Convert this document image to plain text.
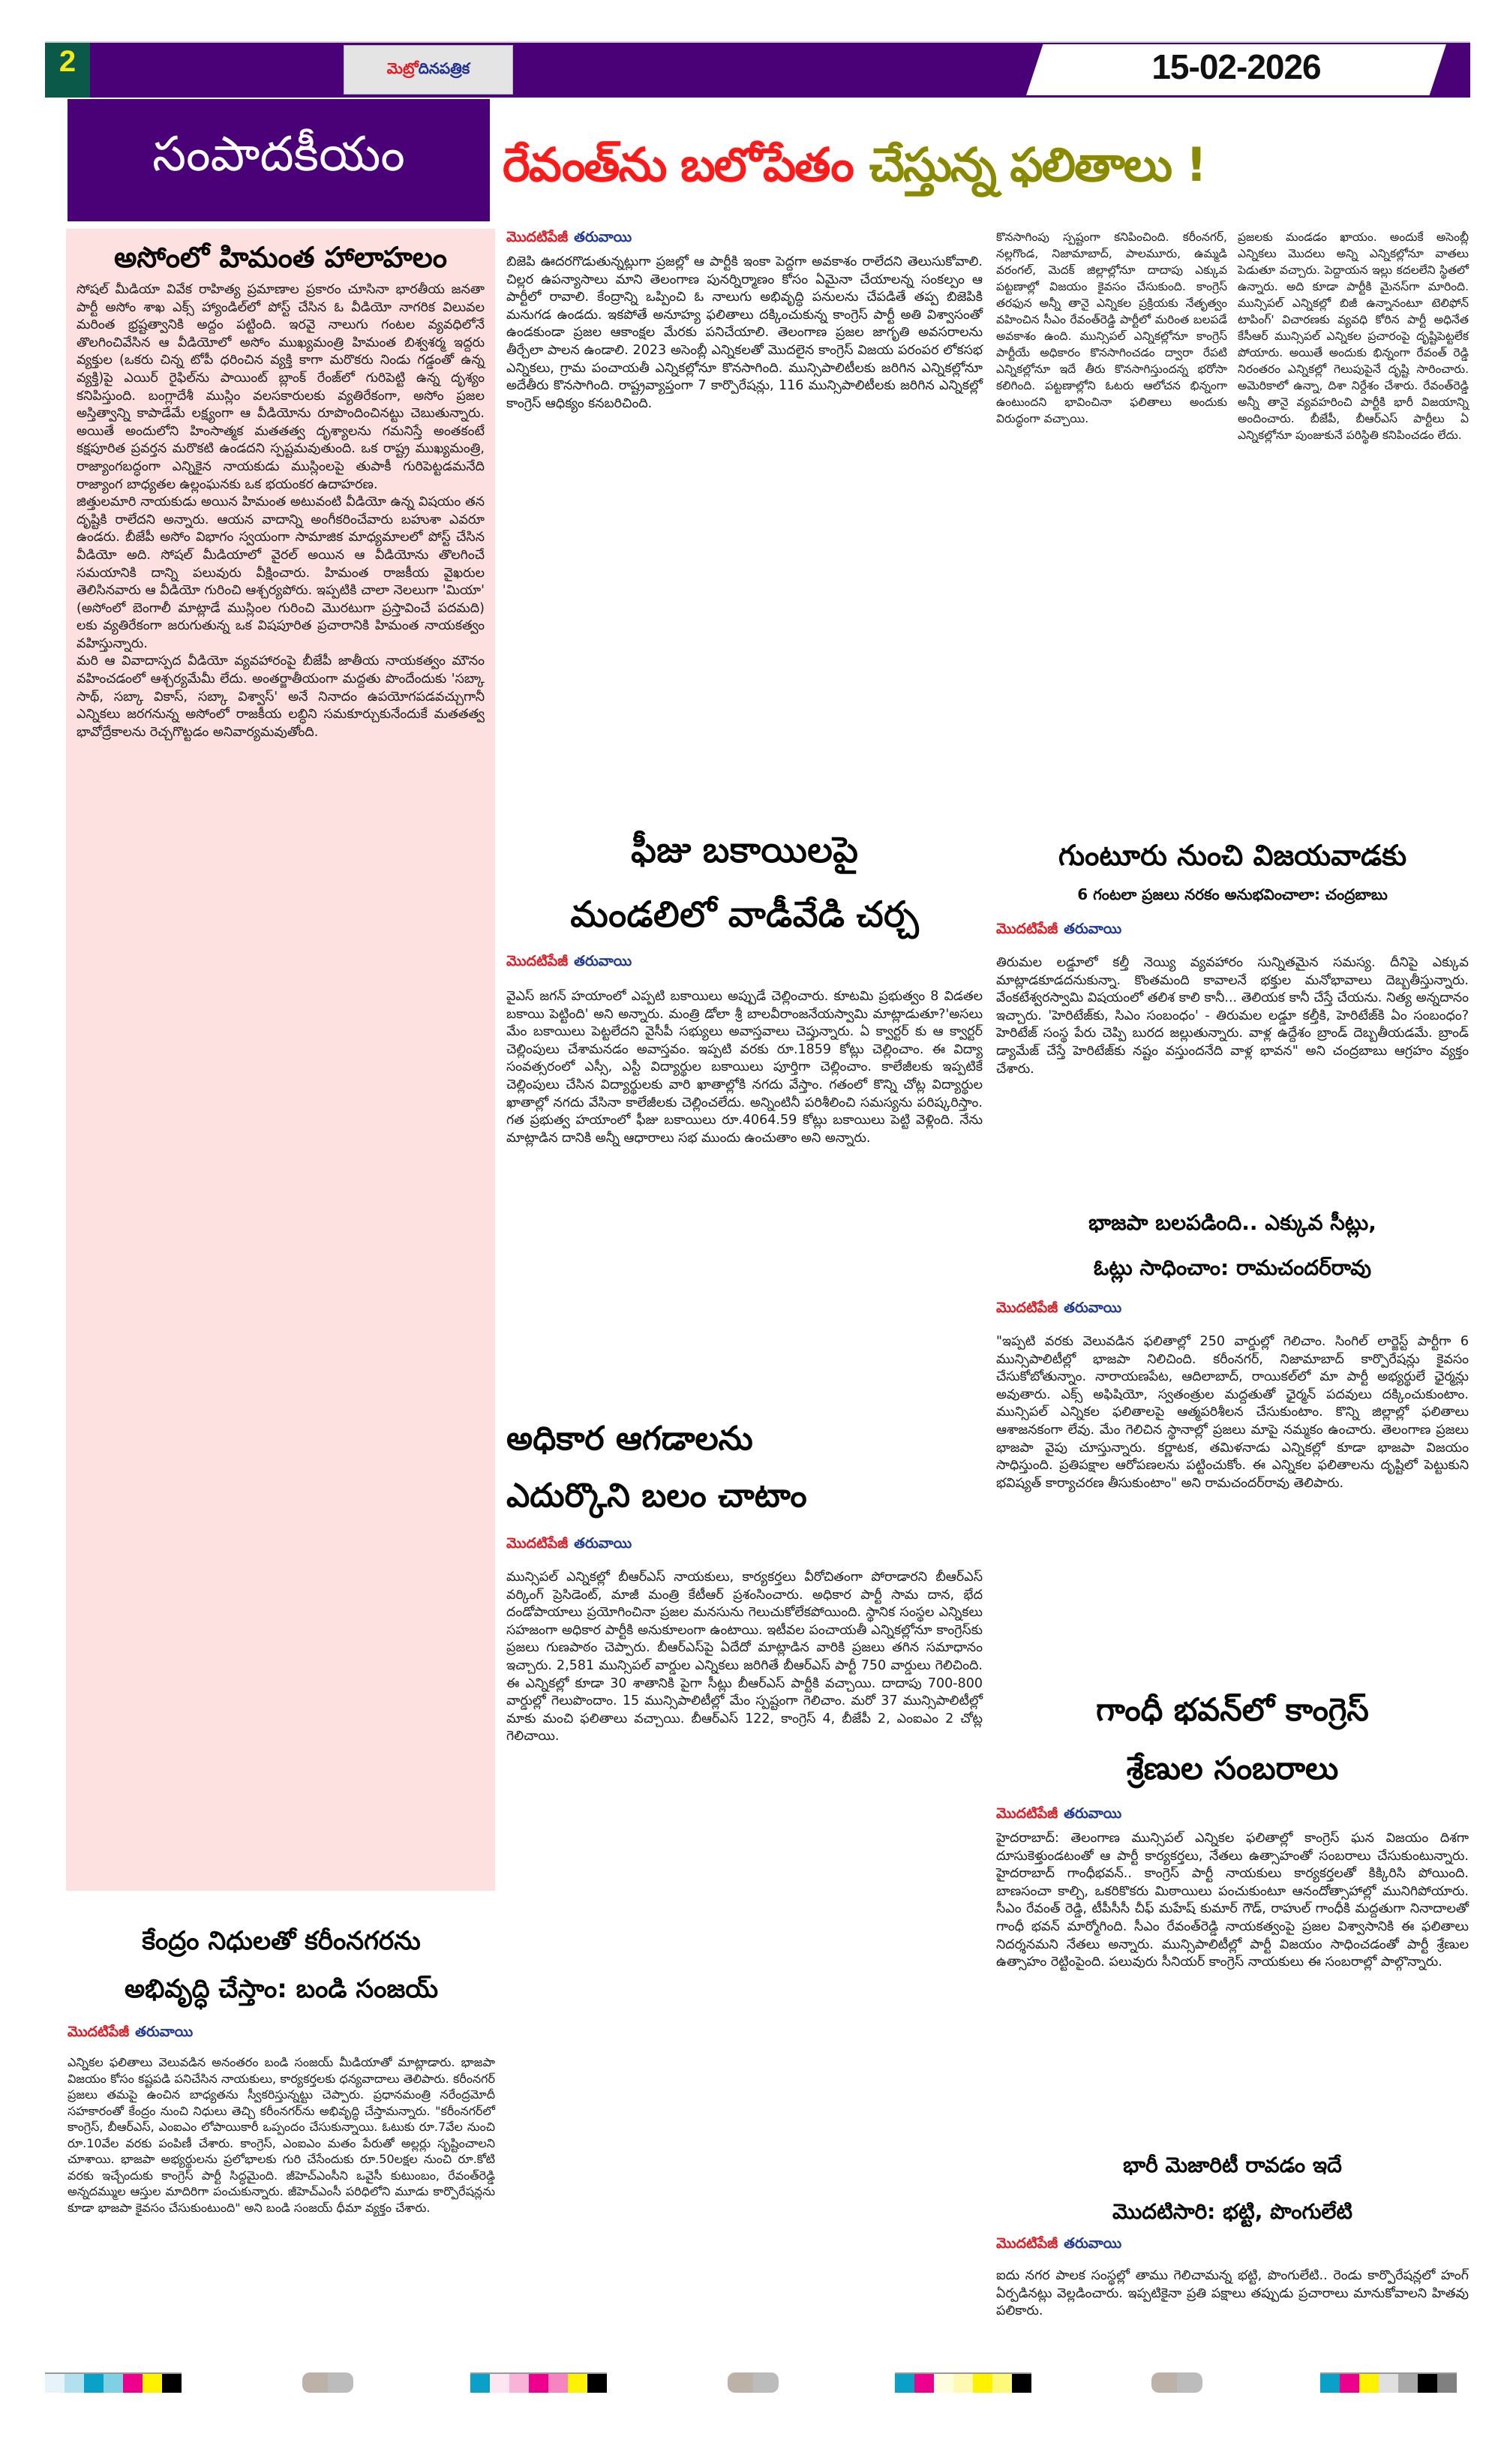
2	మెట్రో దినపత్రిక	15-02-2026
సంపాదకీయం రేవంత్‌ను బలోపేతం చేస్తున్న ఫలితాలు !
అసోంలో హిమంత హాలాహలం

సోషల్ మీడియా వివేక రాహిత్య ప్రమాణాల ప్రకారం చూసినా భారతీయ జనతా పార్టీ అసోం శాఖ ఎక్స్ హ్యాండిల్‌లో పోస్ట్ చేసిన ఓ వీడియో నాగరిక విలువల మరింత భ్రష్టత్వానికి అద్దం పట్టింది. ఇరవై నాలుగు గంటల వ్యవధిలోనే తొలగించివేసిన ఆ వీడియోలో అసోం ముఖ్యమంత్రి హిమంత బిశ్వశర్మ ఇద్దరు వ్యక్తుల (ఒకరు చిన్న టోపీ ధరించిన వ్యక్తి కాగా మరొకరు నిండు గడ్డంతో ఉన్న వ్యక్తి)పై ఎయిర్ రైఫిల్‌ను పాయింట్ బ్లాంక్ రేంజ్‌లో గురిపెట్టి ఉన్న దృశ్యం కనిపిస్తుంది. బంగ్లాదేశీ ముస్లిం వలసకారులకు వ్యతిరేకంగా, అసోం ప్రజల అస్తిత్వాన్ని కాపాడేమే లక్ష్యంగా ఆ వీడియోను రూపొందించినట్టు చెబుతున్నారు. అయితే అందులోని హింసాత్మక మతతత్వ దృశ్యాలను గమనిస్తే అంతకంటే కక్షపూరిత ప్రవర్తన మరొకటి ఉండదని స్పష్టమవుతుంది. ఒక రాష్ట్ర ముఖ్యమంత్రి, రాజ్యాంగబద్ధంగా ఎన్నికైన నాయకుడు ముస్లింలపై తుపాకీ గురిపెట్టడమనేది రాజ్యాంగ బాధ్యతల ఉల్లంఘనకు ఒక భయంకర ఉదాహరణ.

జిత్తులమారి నాయకుడు అయిన హిమంత అటువంటి వీడియో ఉన్న విషయం తన దృష్టికి రాలేదని అన్నారు. ఆయన వాదాన్ని అంగీకరించేవారు బహుశా ఎవరూ ఉండరు. బీజేపీ అసోం విభాగం స్వయంగా సామాజిక మాధ్యమాలలో పోస్ట్ చేసిన వీడియో అది. సోషల్ మీడియాలో వైరల్ అయిన ఆ వీడియోను తొలగించే సమయానికి దాన్ని పలువురు వీక్షించారు. హిమంత రాజకీయ వైఖరుల తెలిసినవారు ఆ వీడియో గురించి ఆశ్చర్యపోరు. ఇప్పటికి చాలా నెలలుగా 'మియా' (అసోంలో బెంగాలీ మాట్లాడే ముస్లింల గురించి మొరటుగా ప్రస్తావించే పదమది) లకు వ్యతిరేకంగా జరుగుతున్న ఒక విషపూరిత ప్రచారానికి హిమంత నాయకత్వం వహిస్తున్నారు.

మరి ఆ వివాదాస్పద వీడియో వ్యవహారంపై బీజేపీ జాతీయ నాయకత్వం మౌనం వహించడంలో ఆశ్చర్యమేమీ లేదు. అంతర్జాతీయంగా మద్దతు పొందేందుకు 'సబ్కా సాథ్, సబ్కా వికాస్, సబ్కా విశ్వాస్' అనే నినాదం ఉపయోగపడవచ్చుగానీ ఎన్నికలు జరగనున్న అసోంలో రాజకీయ లబ్ధిని సమకూర్చుకునేందుకే మతతత్వ భావోద్రేకాలను రెచ్చగొట్టడం అనివార్యమవుతోంది.

కేంద్రం నిధులతో కరీంనగరను
అభివృద్ధి చేస్తాం: బండి సంజయ్

మొదటిపేజీ తరువాయి

ఎన్నికల ఫలితాలు వెలువడిన అనంతరం బండి సంజయ్ మీడియాతో మాట్లాడారు. భాజపా విజయం కోసం కష్టపడి పనిచేసిన నాయకులు, కార్యకర్తలకు ధన్యవాదాలు తెలిపారు. కరీంనగర్ ప్రజలు తమపై ఉంచిన బాధ్యతను స్వీకరిస్తున్నట్టు చెప్పారు. ప్రధానమంత్రి నరేంద్రమోదీ సహకారంతో కేంద్రం నుంచి నిధులు తెచ్చి కరీంనగర్‌ను అభివృద్ధి చేస్తామన్నారు. "కరీంనగర్‌లో కాంగ్రెస్, బీఆర్‌ఎస్, ఎంఐఎం లోపాయికారీ ఒప్పందం చేసుకున్నాయి. ఓటుకు రూ.7వేల నుంచి రూ.10వేల వరకు పంపిణీ చేశారు. కాంగ్రెస్, ఎంఐఎం మతం పేరుతో అల్లర్లు సృష్టించాలని చూశాయి. భాజపా అభ్యర్థులను ప్రలోభాలకు గురి చేసేందుకు రూ.50లక్షల నుంచి రూ.కోటి వరకు ఇచ్చేందుకు కాంగ్రెస్ పార్టీ సిద్ధమైంది. జీహెచ్ఎంసీని ఒవైసీ కుటుంబం, రేవంత్‌రెడ్డి అన్నదమ్ముల ఆస్తుల మాదిరిగా పంచుకున్నారు. జీహెచ్ఎంసీ పరిధిలోని మూడు కార్పొరేషన్లను కూడా భాజపా కైవసం చేసుకుంటుంది" అని బండి సంజయ్ ధీమా వ్యక్తం చేశారు.

మొదటిపేజీ తరువాయి

బిజెపి ఊదరగొడుతున్నట్లుగా ప్రజల్లో ఆ పార్టీకి ఇంకా పెద్దగా అవకాశం రాలేదని తెలుసుకోవాలి. చిల్లర ఉపన్యాసాలు మాని తెలంగాణ పునర్నిర్మాణం కోసం ఏమైనా చేయాలన్న సంకల్పం ఆ పార్టీలో రావాలి. కేంద్రాన్ని ఒప్పించి ఓ నాలుగు అభివృద్ధి పనులను చేపడితే తప్ప బిజెపికి మనుగడ ఉండదు. ఇకపోతే అనూహ్య ఫలితాలు దక్కించుకున్న కాంగ్రెస్ పార్టీ అతి విశ్వాసంతో ఉండకుండా ప్రజల ఆకాంక్షల మేరకు పనిచేయాలి. తెలంగాణ ప్రజల జాగృతి అవసరాలను తీర్చేలా పాలన ఉండాలి. 2023 అసెంబ్లీ ఎన్నికలతో మొదలైన కాంగ్రెస్ విజయ పరంపర లోకసభ ఎన్నికలు, గ్రామ పంచాయతీ ఎన్నికల్లోనూ కొనసాగింది. మున్సిపాలిటీలకు జరిగిన ఎన్నికల్లోనూ అదేతీరు కొనసాగింది. రాష్ట్రవ్యాప్తంగా 7 కార్పొరేషన్లు, 116 మున్సిపాలిటీలకు జరిగిన ఎన్నికల్లో కాంగ్రెస్ ఆధిక్యం కనబరిచింది.

కొనసాగింపు స్పష్టంగా కనిపించింది. కరీంనగర్, నల్లగొండ, నిజామాబాద్, పాలమూరు, ఉమ్మడి వరంగల్, మెదక్ జిల్లాల్లోనూ దాదాపు ఎక్కువ పట్టణాల్లో విజయం కైవసం చేసుకుంది. కాంగ్రెస్ తరఫున అన్నీ తానై ఎన్నికల ప్రక్రియకు నేతృత్వం వహించిన సీఎం రేవంత్‌రెడ్డి పార్టీలో మరింత బలపడే అవకాశం ఉంది. మున్సిపల్ ఎన్నికల్లోనూ కాంగ్రెస్ పార్టీయే అధికారం కొనసాగించడం ద్వారా రేపటి ఎన్నికల్లోనూ ఇదే తీరు కొనసాగిస్తుందన్న భరోసా కలిగింది. పట్టణాల్లోని ఓటరు ఆలోచన భిన్నంగా ఉంటుందని భావించినా ఫలితాలు అందుకు విరుద్ధంగా వచ్చాయి.

ప్రజలకు మండడం ఖాయం. అందుకే అసెంబ్లీ ఎన్నికలు మొదలు అన్ని ఎన్నికల్లోనూ వాతలు పెడుతూ వచ్చారు. పెద్దాయన ఇల్లు కదలలేని స్థితలో ఉన్నారు. అది కూడా పార్టీకి మైనస్‌గా మారింది. మున్సిపల్ ఎన్నికల్లో బిజీ ఉన్నానంటూ టెలిఫోన్ టాపింగ్' విచారణకు వ్యవధి కోరిన పార్టీ అధినేత కేసీఆర్ మున్సిపల్ ఎన్నికల ప్రచారంపై దృష్టిపెట్టలేక పోయారు. అయితే అందుకు భిన్నంగా రేవంత్ రెడ్డి నిరంతరం ఎన్నికల్లో గెలుపుపైనే దృష్టి సారించారు. అమెరికాలో ఉన్నా, దిశా నిర్దేశం చేశారు. రేవంత్‌రెడ్డి అన్నీ తానై వ్యవహరించి పార్టీకి భారీ విజయాన్ని అందించారు. బీజేపీ, బీఆర్‌ఎస్ పార్టీలు ఏ ఎన్నికల్లోనూ పుంజుకునే పరిస్థితి కనిపించడం లేదు.

ఫీజు బకాయిలపై
మండలిలో వాడీవేడి చర్చ

మొదటిపేజీ తరువాయి

వైఎస్ జగన్ హయాంలో ఎప్పటి బకాయిలు అప్పుడే చెల్లించారు. కూటమి ప్రభుత్వం 8 విడతల బకాయి పెట్టింది' అని అన్నారు. మంత్రి డోలా శ్రీ బాలవీరాంజనేయస్వామి మాట్లాడుతూ?'అసలు మేం బకాయిలు పెట్టలేదని వైసీపీ సభ్యులు అవాస్తవాలు చెప్తున్నారు. ఏ క్వార్టర్ కు ఆ క్వార్టర్ చెల్లింపులు చేశామనడం అవాస్తవం. ఇప్పటి వరకు రూ.1859 కోట్లు చెల్లించాం. ఈ విద్యా సంవత్సరంలో ఎస్సీ, ఎస్టీ విద్యార్థుల బకాయిలు పూర్తిగా చెల్లించాం. కాలేజీలకు ఇప్పటికే చెల్లింపులు చేసిన విద్యార్థులకు వారి ఖాతాల్లోకి నగదు వేస్తాం. గతంలో కొన్ని చోట్ల విద్యార్థుల ఖాతాల్లో నగదు వేసినా కాలేజీలకు చెల్లించలేదు. అన్నింటినీ పరిశీలించి సమస్యను పరిష్కరిస్తాం. గత ప్రభుత్వ హయాంలో ఫీజు బకాయిలు రూ.4064.59 కోట్లు బకాయిలు పెట్టి వెళ్లింది. నేను మాట్లాడిన దానికి అన్నీ ఆధారాలు సభ ముందు ఉంచుతాం అని అన్నారు.

అధికార ఆగడాలను
ఎదుర్కొని బలం చాటాం

మొదటిపేజీ తరువాయి

మున్సిపల్ ఎన్నికల్లో బీఆర్‌ఎస్ నాయకులు, కార్యకర్తలు వీరోచితంగా పోరాడారని బీఆర్‌ఎస్ వర్కింగ్ ప్రెసిడెంట్, మాజీ మంత్రి కేటీఆర్ ప్రశంసించారు. అధికార పార్టీ సామ దాన, భేద దండోపాయాలు ప్రయోగించినా ప్రజల మనసును గెలుచుకోలేకపోయింది. స్థానిక సంస్థల ఎన్నికలు సహజంగా అధికార పార్టీకి అనుకూలంగా ఉంటాయి. ఇటీవల పంచాయతీ ఎన్నికల్లోనూ కాంగ్రెస్‌కు ప్రజలు గుణపాఠం చెప్పారు. బీఆర్‌ఎస్‌పై ఏదేదో మాట్లాడిన వారికి ప్రజలు తగిన సమాధానం ఇచ్చారు. 2,581 మున్సిపల్ వార్డుల ఎన్నికలు జరిగితే బీఆర్‌ఎస్ పార్టీ 750 వార్డులు గెలిచింది. ఈ ఎన్నికల్లో కూడా 30 శాతానికి పైగా సీట్లు బీఆర్‌ఎస్ పార్టీకి వచ్చాయి. దాదాపు 700-800 వార్డుల్లో గెలుపొందాం. 15 మున్సిపాలిటీల్లో మేం స్పష్టంగా గెలిచాం. మరో 37 మున్సిపాలిటీల్లో మాకు మంచి ఫలితాలు వచ్చాయి. బీఆర్‌ఎస్ 122, కాంగ్రెస్ 4, బీజేపీ 2, ఎంఐఎం 2 చోట్ల గెలిచాయి.

గుంటూరు నుంచి విజయవాడకు

6 గంటలా ప్రజలు నరకం అనుభవించాలా: చంద్రబాబు

మొదటిపేజీ తరువాయి

తిరుమల లడ్డూలో కల్తీ నెయ్యి వ్యవహారం సున్నితమైన సమస్య. దీనిపై ఎక్కువ మాట్లాడకూడదనుకున్నా. కొంతమంది కావాలనే భక్తుల మనోభావాలు దెబ్బతీస్తున్నారు. వేంకటేశ్వరస్వామి విషయంలో తలిశ కాలి కానీ... తెలియక కానీ చేస్తే చేయను. నిత్య అన్నదానం ఇచ్చారు. 'హెరిటేజ్‌కు, సిఎం సంబంధం' - తిరుమల లడ్డూ కల్తీకి, హెరిటేజ్‌కి ఏం సంబంధం? హెరిటేజ్ సంస్థ పేరు చెప్పి బురద జల్లుతున్నారు. వాళ్ల ఉద్దేశం బ్రాండ్ దెబ్బతీయడమే. బ్రాండ్ డ్యామేజ్ చేస్తే హెరిటేజ్‌కు నష్టం వస్తుందనేది వాళ్ల భావన" అని చంద్రబాబు ఆగ్రహం వ్యక్తం చేశారు.

భాజపా బలపడింది.. ఎక్కువ సీట్లు,
ఓట్లు సాధించాం: రామచందర్‌రావు

మొదటిపేజీ తరువాయి

"ఇప్పటి వరకు వెలువడిన ఫలితాల్లో 250 వార్డుల్లో గెలిచాం. సింగిల్ లార్జెస్ట్ పార్టీగా 6 మున్సిపాలిటీల్లో భాజపా నిలిచింది. కరీంనగర్, నిజామాబాద్ కార్పొరేషన్లు కైవసం చేసుకోబోతున్నాం. నారాయణపేట, ఆదిలాబాద్, రాయికల్‌లో మా పార్టీ అభ్యర్థులే ఛైర్మన్లు అవుతారు. ఎక్స్ అఫిషియో, స్వతంత్రుల మద్దతుతో ఛైర్మన్ పదవులు దక్కించుకుంటాం. మున్సిపల్ ఎన్నికల ఫలితాలపై ఆత్మపరిశీలన చేసుకుంటాం. కొన్ని జిల్లాల్లో ఫలితాలు ఆశాజనకంగా లేవు. మేం గెలిచిన స్థానాల్లో ప్రజలు మాపై నమ్మకం ఉంచారు. తెలంగాణ ప్రజలు భాజపా వైపు చూస్తున్నారు. కర్ణాటక, తమిళనాడు ఎన్నికల్లో కూడా భాజపా విజయం సాధిస్తుంది. ప్రతిపక్షాల ఆరోపణలను పట్టించుకోం. ఈ ఎన్నికల ఫలితాలను దృష్టిలో పెట్టుకుని భవిష్యత్ కార్యాచరణ తీసుకుంటాం" అని రామచందర్‌రావు తెలిపారు.

గాంధీ భవన్‌లో కాంగ్రెస్
శ్రేణుల సంబరాలు

మొదటిపేజీ తరువాయి

హైదరాబాద్: తెలంగాణ మున్సిపల్ ఎన్నికల ఫలితాల్లో కాంగ్రెస్ ఘన విజయం దిశగా దూసుకెళ్తుండటంతో ఆ పార్టీ కార్యకర్తలు, నేతలు ఉత్సాహంతో సంబరాలు చేసుకుంటున్నారు. హైదరాబాద్ గాంధీభవన్.. కాంగ్రెస్ పార్టీ నాయకులు కార్యకర్తలతో కిక్కిరిసి పోయింది. బాణసంచా కాల్చి, ఒకరికొకరు మిఠాయిలు పంచుకుంటూ ఆనందోత్సాహాల్లో మునిగిపోయారు. సీఎం రేవంత్ రెడ్డి, టీపీసీసీ చీఫ్ మహేష్ కుమార్ గౌడ్, రాహుల్ గాంధీకి మద్దతుగా నినాదాలతో గాంధీ భవన్ మార్మోగింది. సీఎం రేవంత్‌రెడ్డి నాయకత్వంపై ప్రజల విశ్వాసానికి ఈ ఫలితాలు నిదర్శనమని నేతలు అన్నారు. మున్సిపాలిటీల్లో పార్టీ విజయం సాధించడంతో పార్టీ శ్రేణుల ఉత్సాహం రెట్టింపైంది. పలువురు సీనియర్ కాంగ్రెస్ నాయకులు ఈ సంబరాల్లో పాల్గొన్నారు.

భారీ మెజారిటీ రావడం ఇదే
మొదటిసారి: భట్టి, పొంగులేటి

మొదటిపేజీ తరువాయి

ఐదు నగర పాలక సంస్థల్లో తాము గెలిచామన్న భట్టి, పొంగులేటి.. రెండు కార్పొరేషన్లలో హంగ్ ఏర్పడినట్లు వెల్లడించారు. ఇప్పటికైనా ప్రతి పక్షాలు తప్పుడు ప్రచారాలు మానుకోవాలని హితవు పలికారు.
